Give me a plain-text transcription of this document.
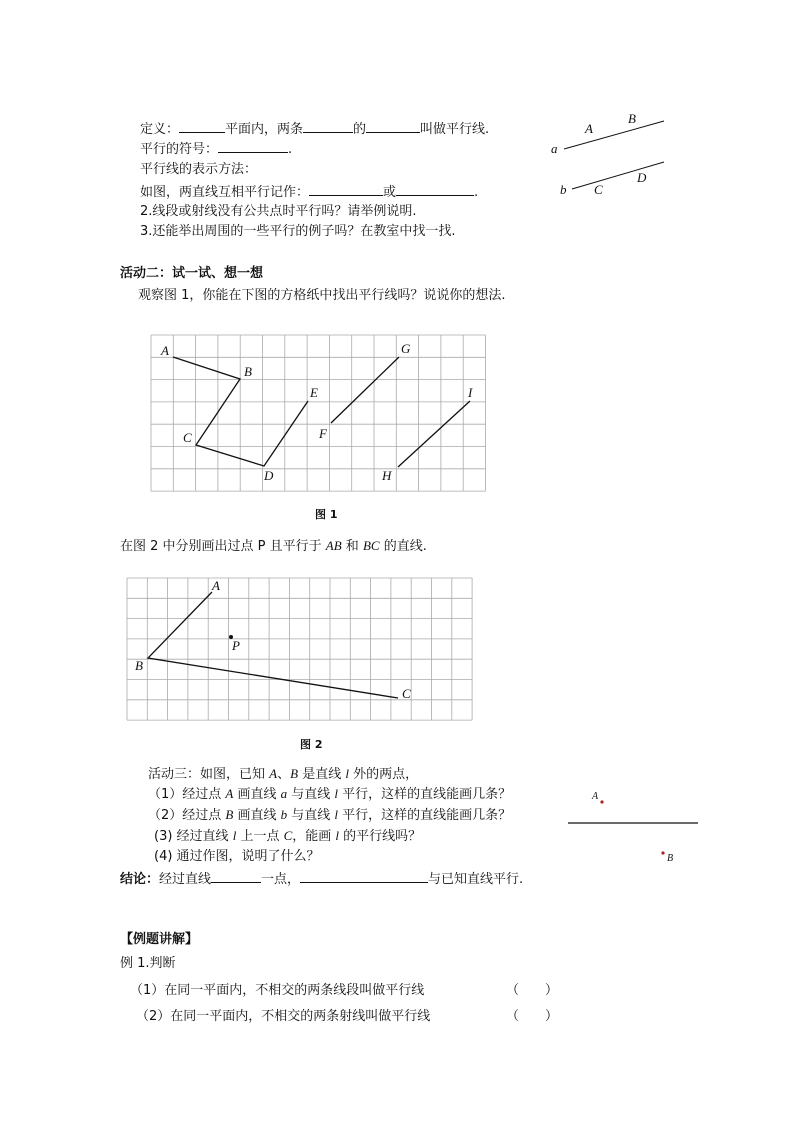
定义：	平面内，两条	的	叫做平行线.
平行的符号：	.
平行线的表示方法：
如图，两直线互相平行记作：	或	.
2.线段或射线没有公共点时平行吗？请举例说明.
3.还能举出周围的一些平行的例子吗？在教室中找一找.
a
A
B
b C
D
活动二：试一试、想一想
观察图 1，你能在下图的方格纸中找出平行线吗？说说你的想法.
A
B
C
D
E
F
G
H
I
图 1
在图 2 中分别画出过点 P 且平行于 AB 和 BC 的直线.
A
P
B
C
图 2
活动三：如图，已知 A、B 是直线 l 外的两点，
（1）经过点 A 画直线 a 与直线 l 平行，这样的直线能画几条？
（2）经过点 B 画直线 b 与直线 l 平行，这样的直线能画几条？
(3) 经过直线 l 上一点 C，能画 l 的平行线吗？
(4) 通过作图，说明了什么？
A
B
结论：经过直线	一点，	与已知直线平行.
【例题讲解】
例 1.判断
（1）在同一平面内，不相交的两条线段叫做平行线	（　　）
（2）在同一平面内，不相交的两条射线叫做平行线	（　　）
